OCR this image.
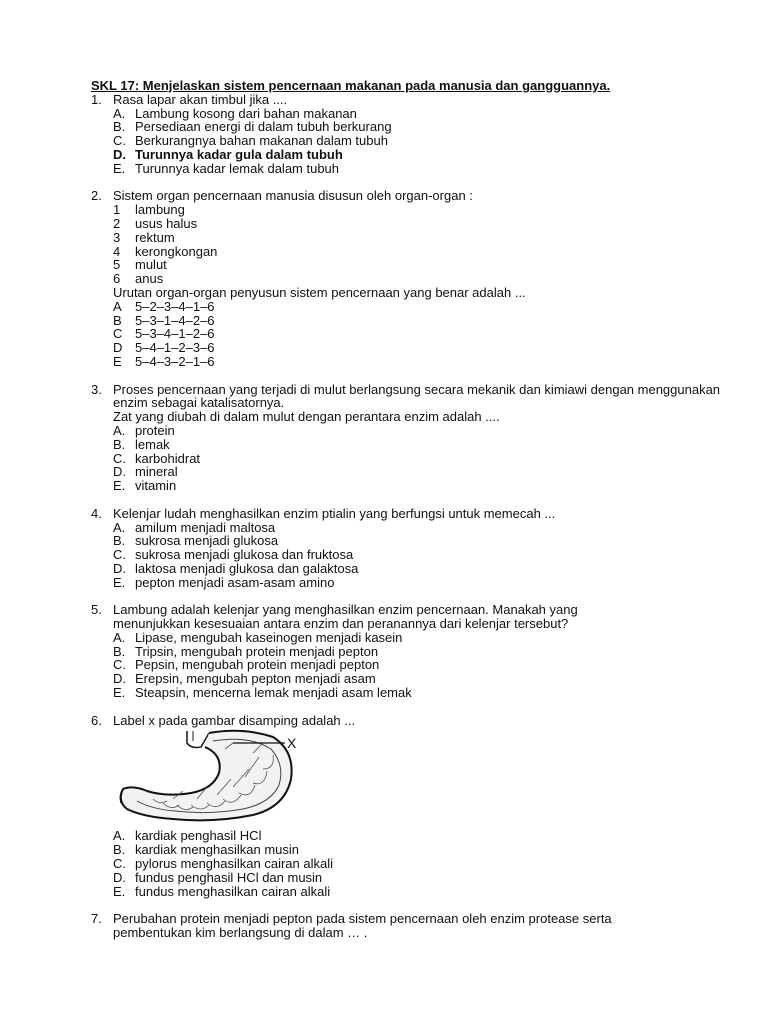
SKL 17: Menjelaskan sistem pencernaan makanan pada manusia dan gangguannya.
1. Rasa lapar akan timbul jika ....
A. Lambung kosong dari bahan makanan
B. Persediaan energi di dalam tubuh berkurang
C. Berkurangnya bahan makanan dalam tubuh
D. Turunnya kadar gula dalam tubuh
E. Turunnya kadar lemak dalam tubuh
2. Sistem organ pencernaan manusia disusun oleh organ-organ :
1 lambung
2 usus halus
3 rektum
4 kerongkongan
5 mulut
6 anus
Urutan organ-organ penyusun sistem pencernaan yang benar adalah ...
A 5–2–3–4–1–6
B 5–3–1–4–2–6
C 5–3–4–1–2–6
D 5–4–1–2–3–6
E 5–4–3–2–1–6
3. Proses pencernaan yang terjadi di mulut berlangsung secara mekanik dan kimiawi dengan menggunakan enzim sebagai katalisatornya.
Zat yang diubah di dalam mulut dengan perantara enzim adalah ....
A. protein
B. lemak
C. karbohidrat
D. mineral
E. vitamin
4. Kelenjar ludah menghasilkan enzim ptialin yang berfungsi untuk memecah ...
A. amilum menjadi maltosa
B. sukrosa menjadi glukosa
C. sukrosa menjadi glukosa dan fruktosa
D. laktosa menjadi glukosa dan galaktosa
E. pepton menjadi asam-asam amino
5. Lambung adalah kelenjar yang menghasilkan enzim pencernaan. Manakah yang menunjukkan kesesuaian antara enzim dan peranannya dari kelenjar tersebut?
A. Lipase, mengubah kaseinogen menjadi kasein
B. Tripsin, mengubah protein menjadi pepton
C. Pepsin, mengubah protein menjadi pepton
D. Erepsin, mengubah pepton menjadi asam
E. Steapsin, mencerna lemak menjadi asam lemak
6. Label x pada gambar disamping adalah ...
X
A. kardiak penghasil HCl
B. kardiak menghasilkan musin
C. pylorus menghasilkan cairan alkali
D. fundus penghasil HCl dan musin
E. fundus menghasilkan cairan alkali
7. Perubahan protein menjadi pepton pada sistem pencernaan oleh enzim protease serta pembentukan kim berlangsung di dalam … .
